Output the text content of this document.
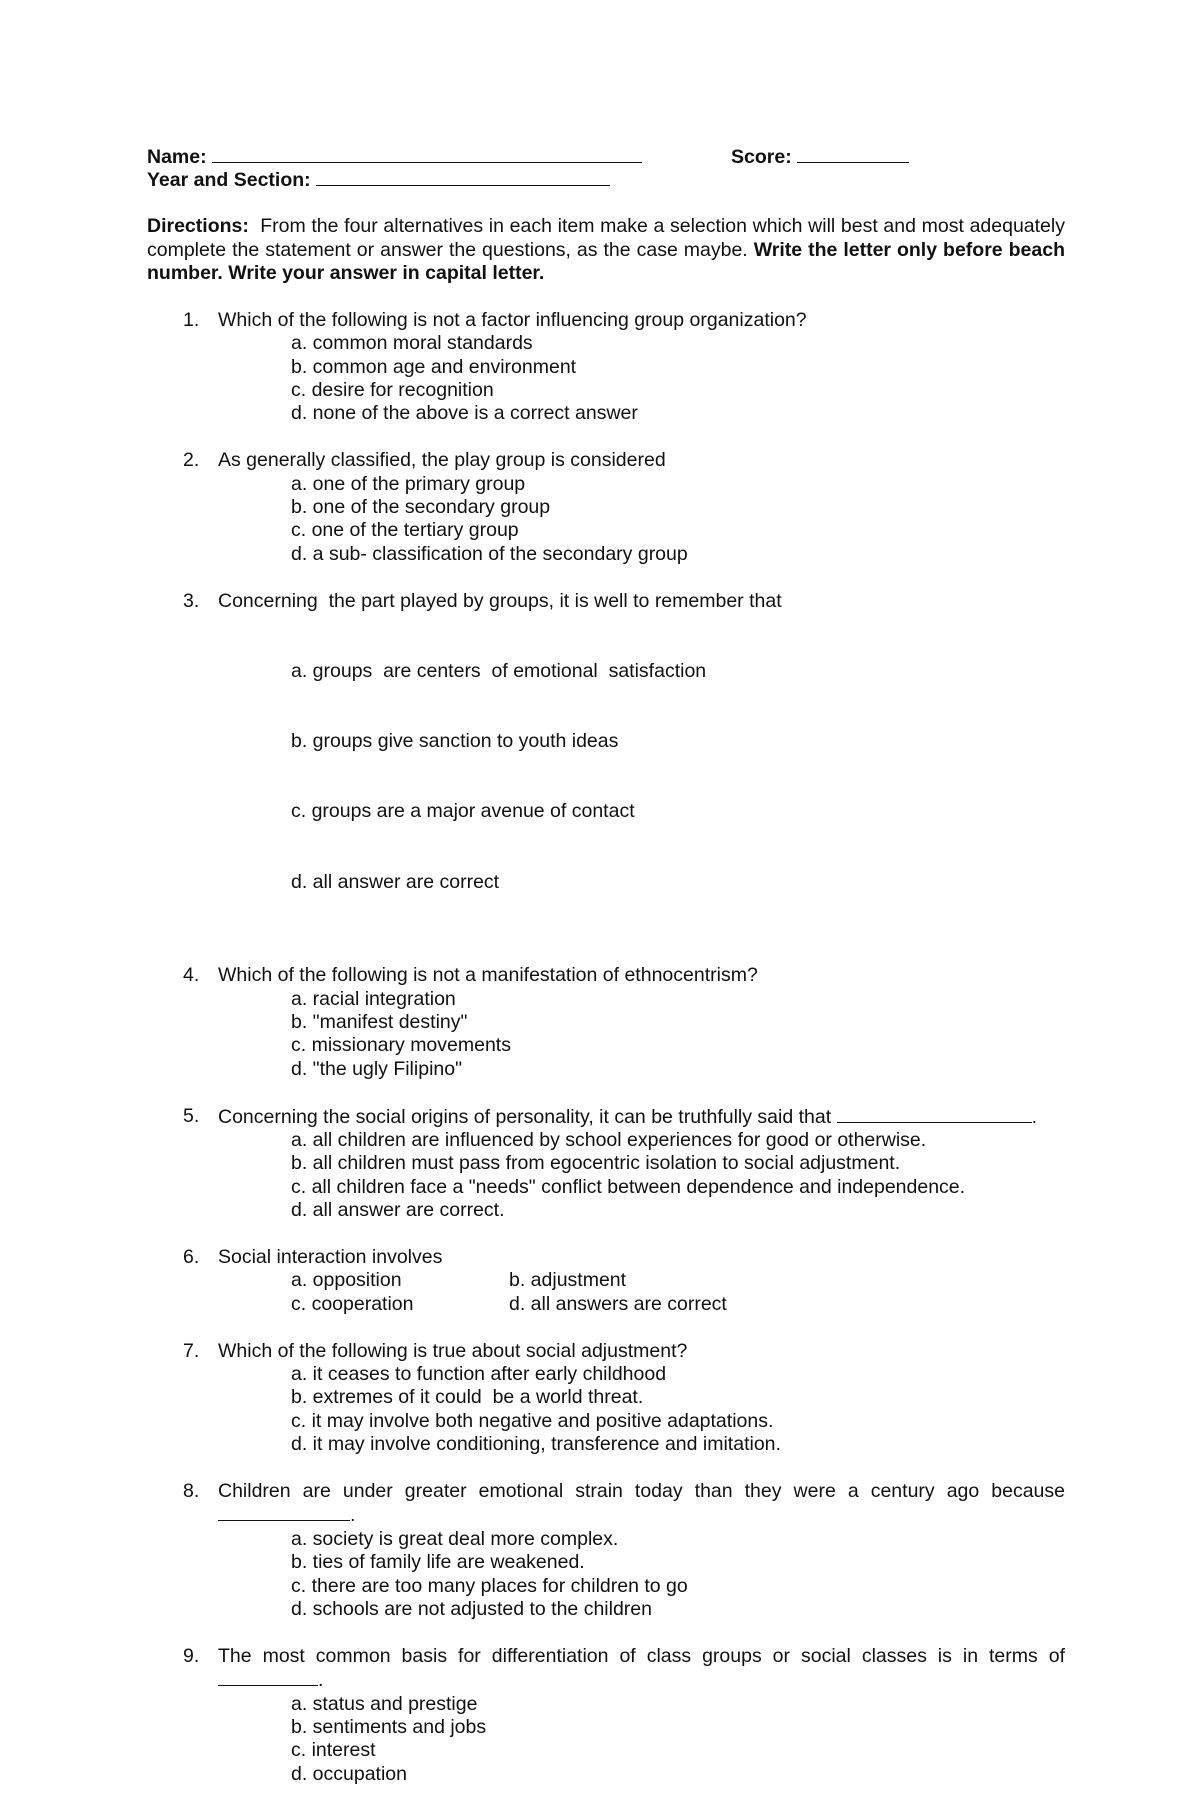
Name:	Score:
Year and Section:
Directions: From the four alternatives in each item make a selection which will best and most adequately complete the statement or answer the questions, as the case maybe. Write the letter only before beach number. Write your answer in capital letter.
1. Which of the following is not a factor influencing group organization?
a. common moral standards
b. common age and environment
c. desire for recognition
d. none of the above is a correct answer
2. As generally classified, the play group is considered
a. one of the primary group
b. one of the secondary group
c. one of the tertiary group
d. a sub- classification of the secondary group
3. Concerning  the part played by groups, it is well to remember that

a. groups  are centers  of emotional  satisfaction

b. groups give sanction to youth ideas

c. groups are a major avenue of contact

d. all answer are correct

4. Which of the following is not a manifestation of ethnocentrism?
a. racial integration
b. "manifest destiny"
c. missionary movements
d. "the ugly Filipino"
5. Concerning the social origins of personality, it can be truthfully said that	.
a. all children are influenced by school experiences for good or otherwise.
b. all children must pass from egocentric isolation to social adjustment.
c. all children face a "needs" conflict between dependence and independence.
d. all answer are correct.
6. Social interaction involves
a. opposition	b. adjustment
c. cooperation	d. all answers are correct
7. Which of the following is true about social adjustment?
a. it ceases to function after early childhood
b. extremes of it could  be a world threat.
c. it may involve both negative and positive adaptations.
d. it may involve conditioning, transference and imitation.
8. Children are under greater emotional strain today than they were a century ago because.
a. society is great deal more complex.
b. ties of family life are weakened.
c. there are too many places for children to go
d. schools are not adjusted to the children
9. The most common basis for differentiation of class groups or social classes is in terms of.
a. status and prestige
b. sentiments and jobs
c. interest
d. occupation
